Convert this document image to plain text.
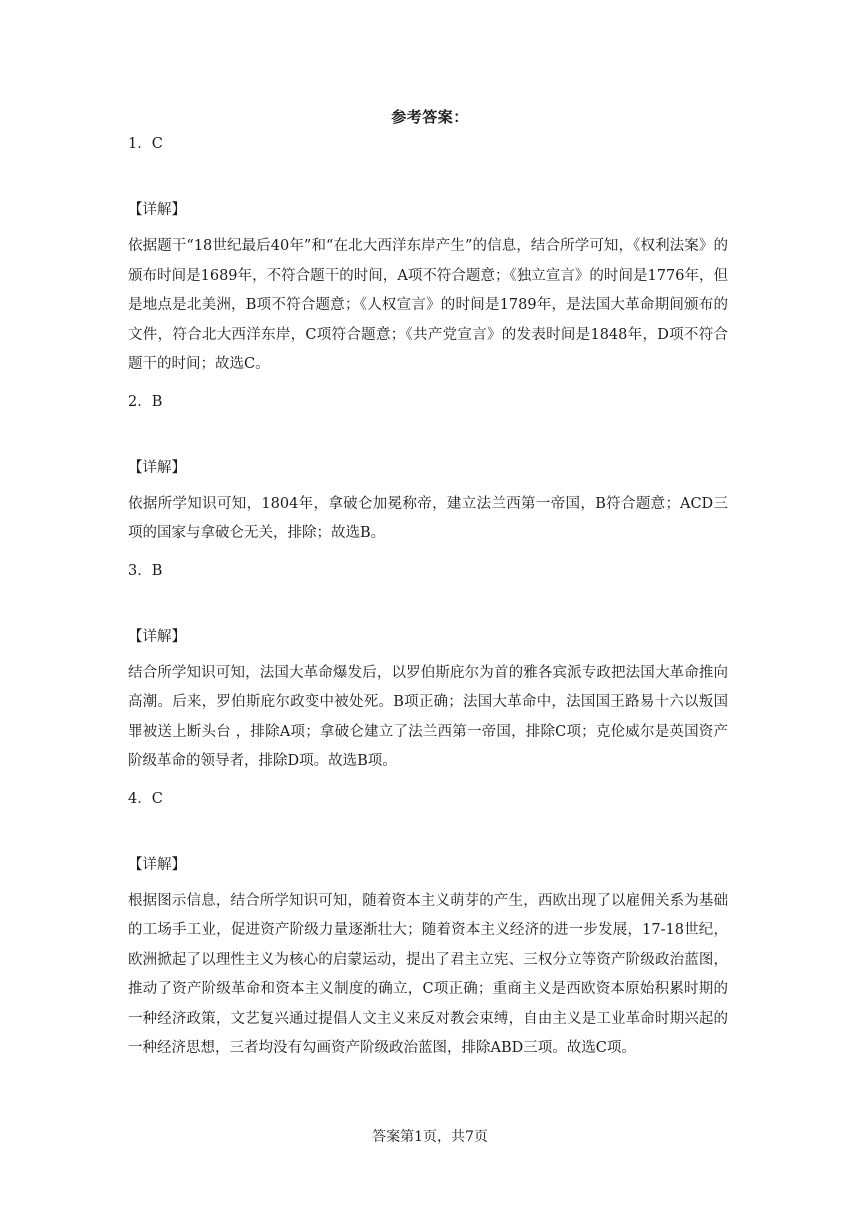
参考答案：
1．C
【详解】
依据题干“18世纪最后40年”和“在北大西洋东岸产生”的信息，结合所学可知，《权利法案》的颁布时间是1689年，不符合题干的时间，A项不符合题意；《独立宣言》的时间是1776年，但是地点是北美洲，B项不符合题意；《人权宣言》的时间是1789年，是法国大革命期间颁布的文件，符合北大西洋东岸，C项符合题意；《共产党宣言》的发表时间是1848年，D项不符合题干的时间；故选C。
2．B
【详解】
依据所学知识可知，1804年，拿破仑加冕称帝，建立法兰西第一帝国，B符合题意；ACD三项的国家与拿破仑无关，排除；故选B。
3．B
【详解】
结合所学知识可知，法国大革命爆发后，以罗伯斯庇尔为首的雅各宾派专政把法国大革命推向高潮。后来，罗伯斯庇尔政变中被处死。B项正确；法国大革命中，法国国王路易十六以叛国罪被送上断头台 ，排除A项；拿破仑建立了法兰西第一帝国，排除C项；克伦威尔是英国资产阶级革命的领导者，排除D项。故选B项。
4．C
【详解】
根据图示信息，结合所学知识可知，随着资本主义萌芽的产生，西欧出现了以雇佣关系为基础的工场手工业，促进资产阶级力量逐渐壮大；随着资本主义经济的进一步发展，17-18世纪，欧洲掀起了以理性主义为核心的启蒙运动，提出了君主立宪、三权分立等资产阶级政治蓝图，推动了资产阶级革命和资本主义制度的确立，C项正确；重商主义是西欧资本原始积累时期的一种经济政策，文艺复兴通过提倡人文主义来反对教会束缚，自由主义是工业革命时期兴起的一种经济思想，三者均没有勾画资产阶级政治蓝图，排除ABD三项。故选C项。
答案第1页，共7页
